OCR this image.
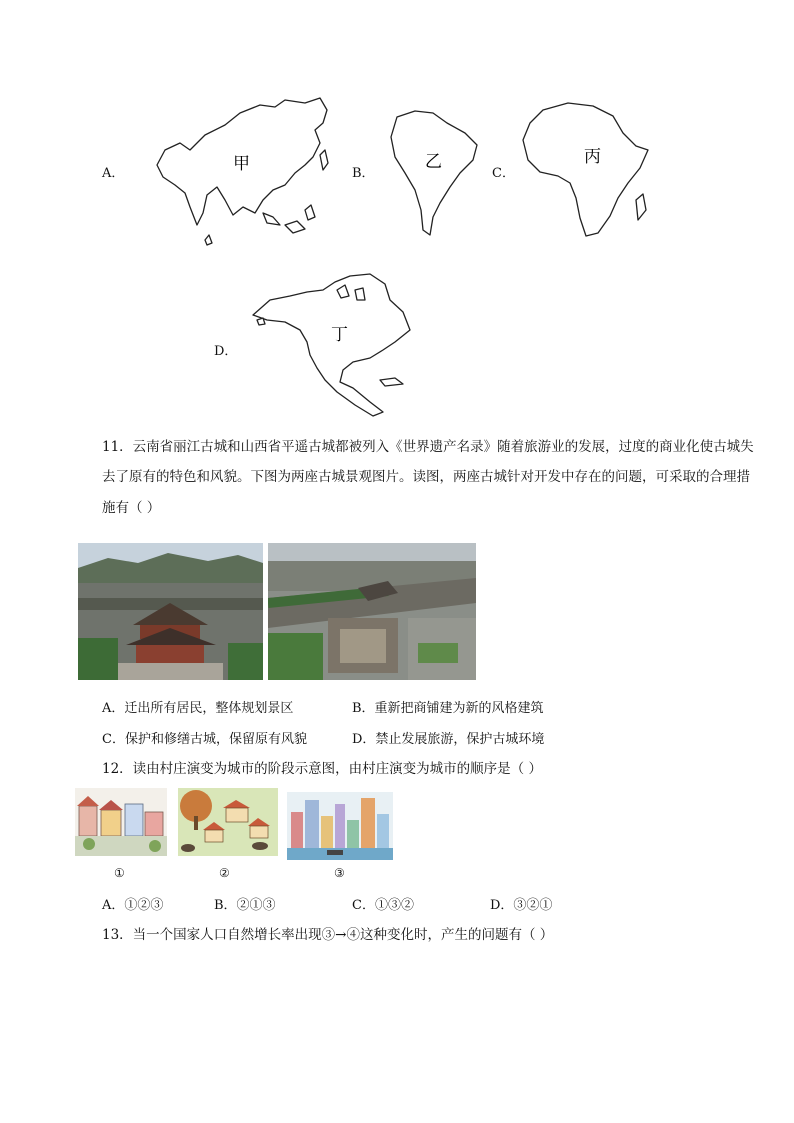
A．	甲	B．
乙
C．
丙
D．
丁
11．云南省丽江古城和山西省平遥古城都被列入《世界遗产名录》随着旅游业的发展，过度的商业化使古城失
去了原有的特色和风貌。下图为两座古城景观图片。读图，两座古城针对开发中存在的问题，可采取的合理措
施有（ ）
A．迁出所有居民，整体规划景区	B．重新把商铺建为新的风格建筑
C．保护和修缮古城，保留原有风貌	D．禁止发展旅游，保护古城环境
12．读由村庄演变为城市的阶段示意图，由村庄演变为城市的顺序是（ ）
①	②	③
A．①②③	B．②①③	C．①③②	D．③②①
13．当一个国家人口自然增长率出现③→④这种变化时，产生的问题有（ ）
